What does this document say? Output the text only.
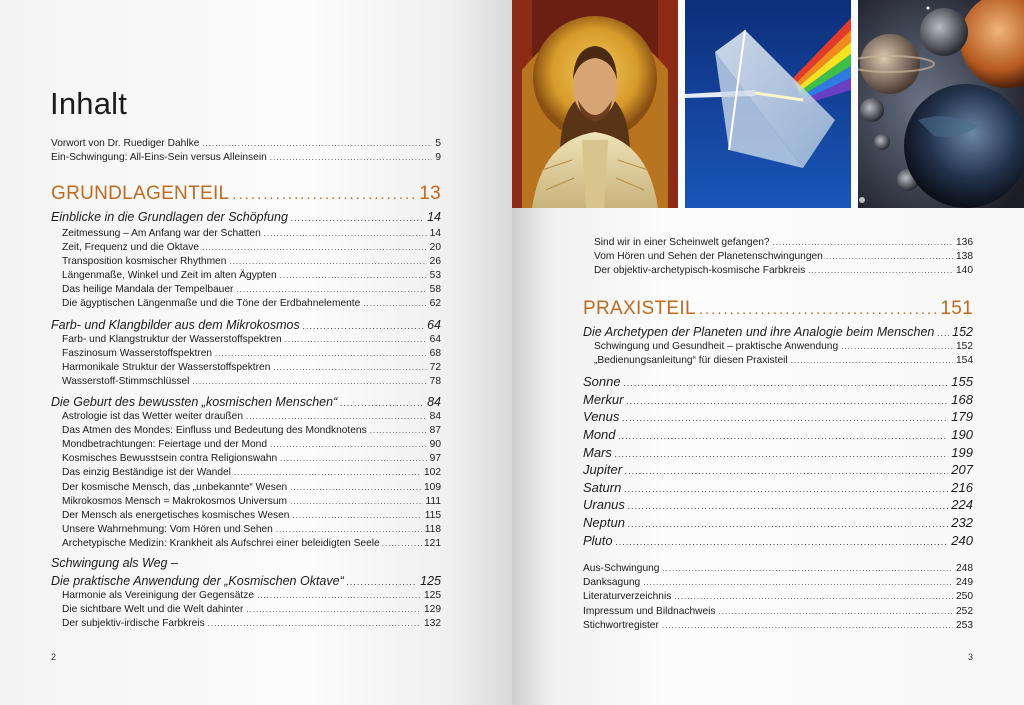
Inhalt
Vorwort von Dr. Ruediger Dahlke .....	5
Ein-Schwingung: All-Eins-Sein versus Alleinsein .....	9
GRUNDLAGENTEIL .....	13
Einblicke in die Grundlagen der Schöpfung .....	14
Zeitmessung – Am Anfang war der Schatten .....	14
Zeit, Frequenz und die Oktave .....	20
Transposition kosmischer Rhythmen .....	26
Längenmaße, Winkel und Zeit im alten Ägypten .....	53
Das heilige Mandala der Tempelbauer .....	58
Die ägyptischen Längenmaße und die Töne der Erdbahnelemente .....	62
Farb- und Klangbilder aus dem Mikrokosmos .....	64
Farb- und Klangstruktur der Wasserstoffspektren .....	64
Faszinosum Wasserstoffspektren .....	68
Harmonikale Struktur der Wasserstoffspektren .....	72
Wasserstoff-Stimmschlüssel .....	78
Die Geburt des bewussten „kosmischen Menschen“ .....	84
Astrologie ist das Wetter weiter draußen .....	84
Das Atmen des Mondes: Einfluss und Bedeutung des Mondknotens .....	87
Mondbetrachtungen: Feiertage und der Mond .....	90
Kosmisches Bewusstsein contra Religionswahn .....	97
Das einzig Beständige ist der Wandel .....	102
Der kosmische Mensch, das „unbekannte“ Wesen .....	109
Mikrokosmos Mensch = Makrokosmos Universum .....	111
Der Mensch als energetisches kosmisches Wesen .....	115
Unsere Wahrnehmung: Vom Hören und Sehen .....	118
Archetypische Medizin: Krankheit als Aufschrei einer beleidigten Seele .....	121
Schwingung als Weg –
Die praktische Anwendung der „Kosmischen Oktave“ .....	125
Harmonie als Vereinigung der Gegensätze .....	125
Die sichtbare Welt und die Welt dahinter .....	129
Der subjektiv-irdische Farbkreis .....	132
2
Sind wir in einer Scheinwelt gefangen? .....	136
Vom Hören und Sehen der Planetenschwingungen .....	138
Der objektiv-archetypisch-kosmische Farbkreis .....	140
PRAXISTEIL .....	151
Die Archetypen der Planeten und ihre Analogie beim Menschen ..... 152
Schwingung und Gesundheit – praktische Anwendung .....	152
„Bedienungsanleitung“ für diesen Praxisteil .....	154
Sonne .....	155
Merkur .....	168
Venus .....	179
Mond .....	190
Mars .....	199
Jupiter .....	207
Saturn .....	216
Uranus .....	224
Neptun .....	232
Pluto .....	240
Aus-Schwingung .....	248
Danksagung .....	249
Literaturverzeichnis .....	250
Impressum und Bildnachweis .....	252
Stichwortregister .....	253
3
